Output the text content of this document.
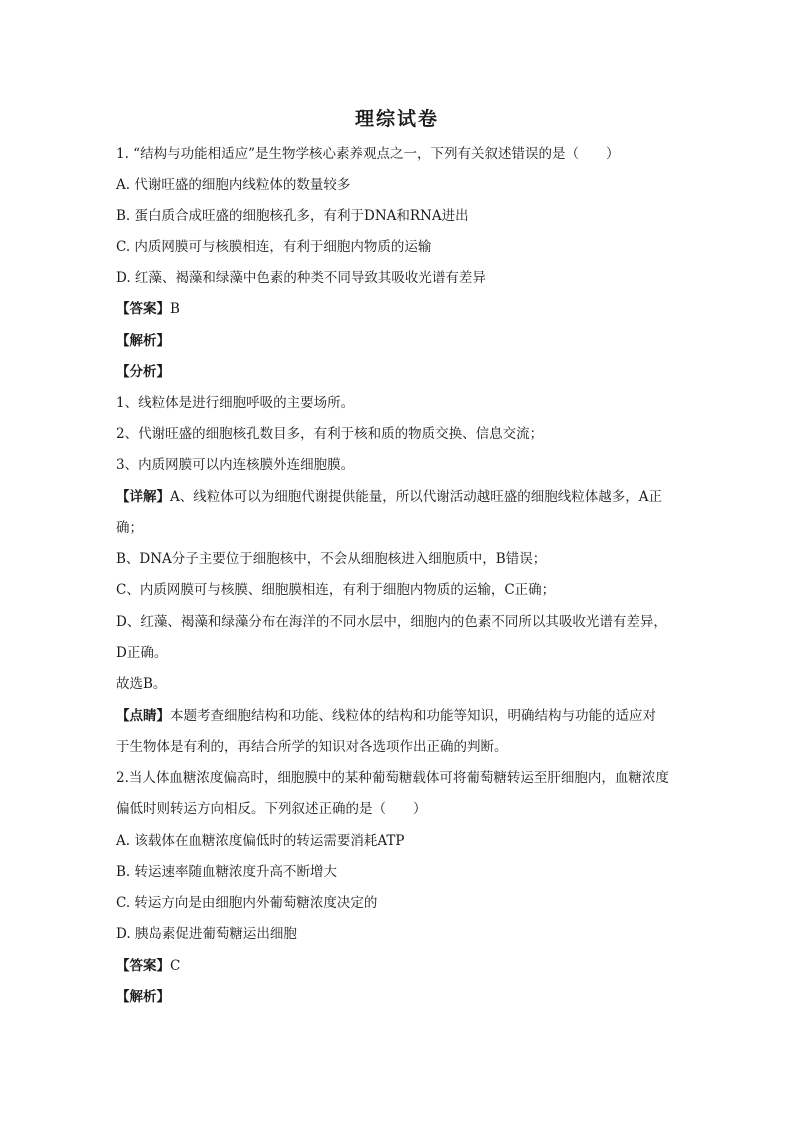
理综试卷
1. “结构与功能相适应”是生物学核心素养观点之一，下列有关叙述错误的是（　　）
A. 代谢旺盛的细胞内线粒体的数量较多
B. 蛋白质合成旺盛的细胞核孔多，有利于DNA和RNA进出
C. 内质网膜可与核膜相连，有利于细胞内物质的运输
D. 红藻、褐藻和绿藻中色素的种类不同导致其吸收光谱有差异
【答案】B
【解析】
【分析】
1、线粒体是进行细胞呼吸的主要场所。
2、代谢旺盛的细胞核孔数目多，有利于核和质的物质交换、信息交流；
3、内质网膜可以内连核膜外连细胞膜。
【详解】A、线粒体可以为细胞代谢提供能量，所以代谢活动越旺盛的细胞线粒体越多，A正
确；
B、DNA分子主要位于细胞核中，不会从细胞核进入细胞质中，B错误；
C、内质网膜可与核膜、细胞膜相连，有利于细胞内物质的运输，C正确；
D、红藻、褐藻和绿藻分布在海洋的不同水层中，细胞内的色素不同所以其吸收光谱有差异，
D正确。
故选B。
【点睛】本题考查细胞结构和功能、线粒体的结构和功能等知识，明确结构与功能的适应对
于生物体是有利的，再结合所学的知识对各选项作出正确的判断。
2.当人体血糖浓度偏高时，细胞膜中的某种葡萄糖载体可将葡萄糖转运至肝细胞内，血糖浓度
偏低时则转运方向相反。下列叙述正确的是（　　）
A. 该载体在血糖浓度偏低时的转运需要消耗ATP
B. 转运速率随血糖浓度升高不断增大
C. 转运方向是由细胞内外葡萄糖浓度决定的
D. 胰岛素促进葡萄糖运出细胞
【答案】C
【解析】
